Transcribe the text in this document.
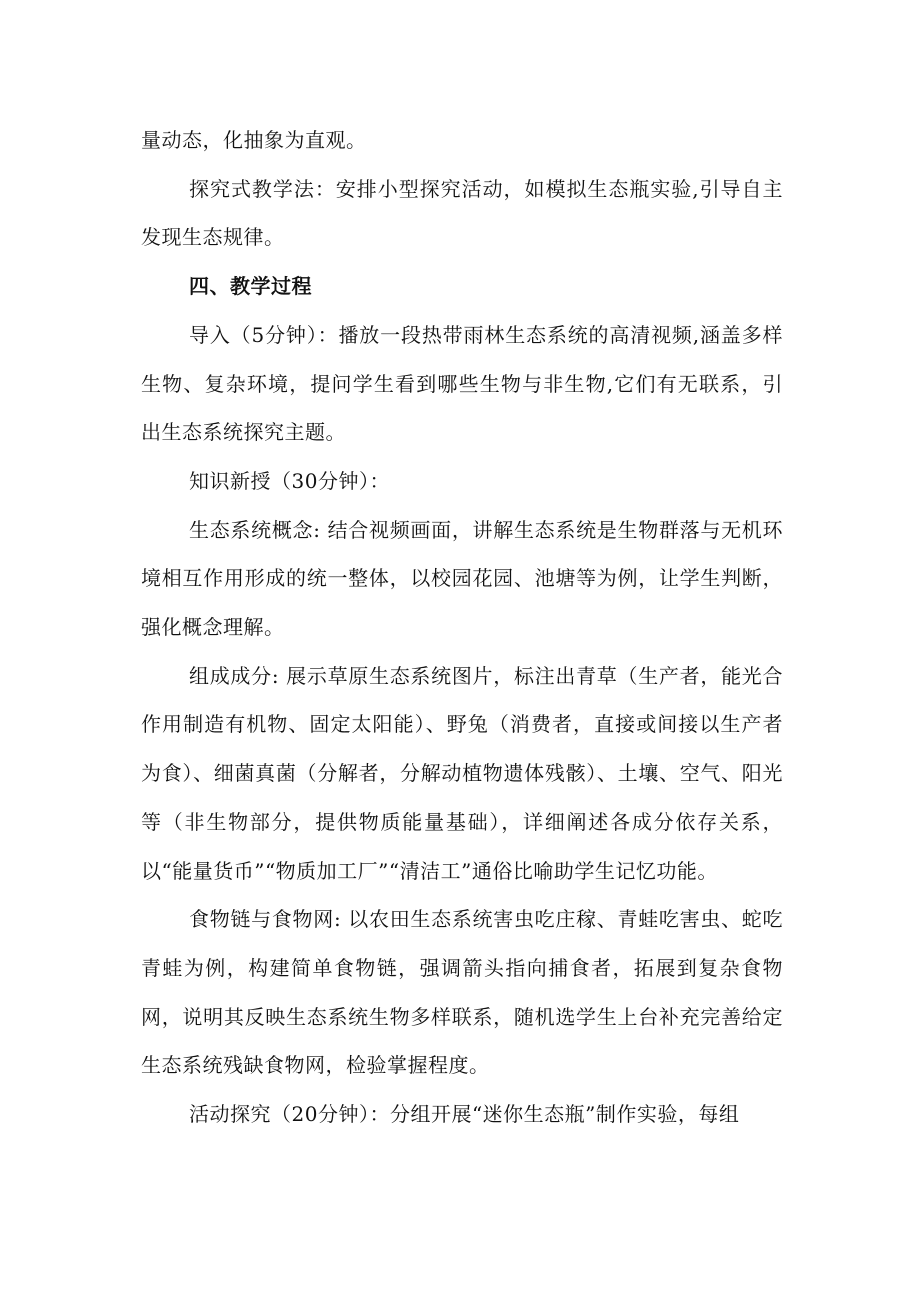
量动态，化抽象为直观。

探究式教学法：安排小型探究活动，如模拟生态瓶实验,引导自主发现生态规律。

四、教学过程

导入（5分钟）：播放一段热带雨林生态系统的高清视频,涵盖多样生物、复杂环境，提问学生看到哪些生物与非生物,它们有无联系，引出生态系统探究主题。

知识新授（30分钟）：

生态系统概念: 结合视频画面，讲解生态系统是生物群落与无机环境相互作用形成的统一整体，以校园花园、池塘等为例，让学生判断，强化概念理解。

组成成分: 展示草原生态系统图片，标注出青草（生产者，能光合作用制造有机物、固定太阳能）、野兔（消费者，直接或间接以生产者为食）、细菌真菌（分解者，分解动植物遗体残骸）、土壤、空气、阳光等（非生物部分，提供物质能量基础），详细阐述各成分依存关系，以“能量货币”“物质加工厂”“清洁工”通俗比喻助学生记忆功能。

食物链与食物网: 以农田生态系统害虫吃庄稼、青蛙吃害虫、蛇吃青蛙为例，构建简单食物链，强调箭头指向捕食者，拓展到复杂食物网，说明其反映生态系统生物多样联系，随机选学生上台补充完善给定生态系统残缺食物网，检验掌握程度。

活动探究（20分钟）：分组开展“迷你生态瓶”制作实验，每组
